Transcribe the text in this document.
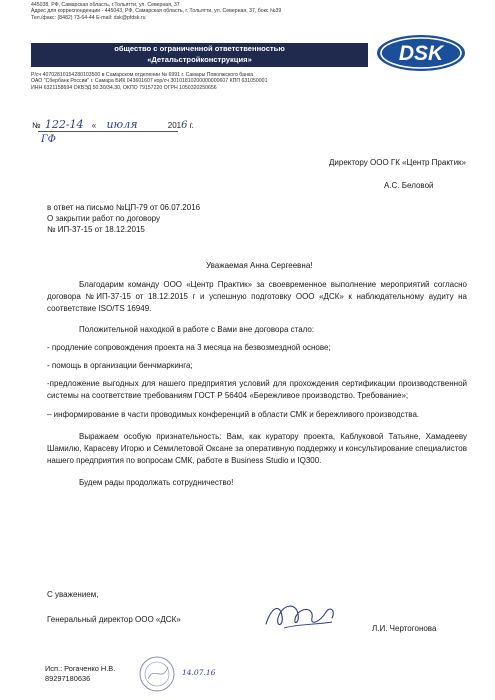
445038, РФ, Самарская область, г.Тольятти, ул. Северная, 37
Адрес для корреспонденции - 445043, РФ, Самарская область, г. Тольятти, ул. Северная, 37, бокс №39
Тел./факс: (8482) 73-64-44 E-mail: dsk@pfdsk.ru
общество с ограниченной ответственностью
«Детальстройконструкция»
Р/сч 40702810154280103500 в Самарском отделении № 6991 г. Самары Поволжского банка
ОАО "Сбербанк России" г. Самара БИК 043601607 кор/сч 30101810200000000607 КПП 631050001
ИНН 6321158694 ОКВЭД 50.30/34.30, ОКПО 79157220 ОГРН 1050320250656
DSK
№ 122-14 « июля	2016 г.
ГФ
Директору ООО ГК «Центр Практик»
А.С. Беловой
в ответ на письмо №ЦП-79 от 06.07.2016
О закрытии работ по договору
№ ИП-37-15 от 18.12.2015
Уважаемая Анна Сергеевна!

Благодарим команду ООО «Центр Практик» за своевременное выполнение мероприятий согласно договора №ИП-37-15 от 18.12.2015 г и успешную подготовку ООО «ДСК» к наблюдательному аудиту на соответствие ISO/TS 16949.

Положительной находкой в работе с Вами вне договора стало:

- продление сопровождения проекта на 3 месяца на безвозмездной основе;

- помощь в организации бенчмаркинга;

-предложение выгодных для нашего предприятия условий для прохождения сертификации производственной системы на соответствие требованиям ГОСТ Р 56404 «Бережливое производство. Требование»;

– информирование в части проводимых конференций в области СМК и бережливого производства.

Выражаем особую признательность: Вам, как куратору проекта, Каблуковой Татьяне, Хамадееву Шамилю, Карасеву Игорю и Семилетовой Оксане за оперативную поддержку и консультирование специалистов нашего предприятия по вопросам СМК, работе в Business Studio и IQ300.

Будем рады продолжать сотрудничество!

С уважением,
Генеральный директор ООО «ДСК»
Л.И. Чертогонова
Исп.: Рогаченко Н.В.
89297180636
14.07.16
